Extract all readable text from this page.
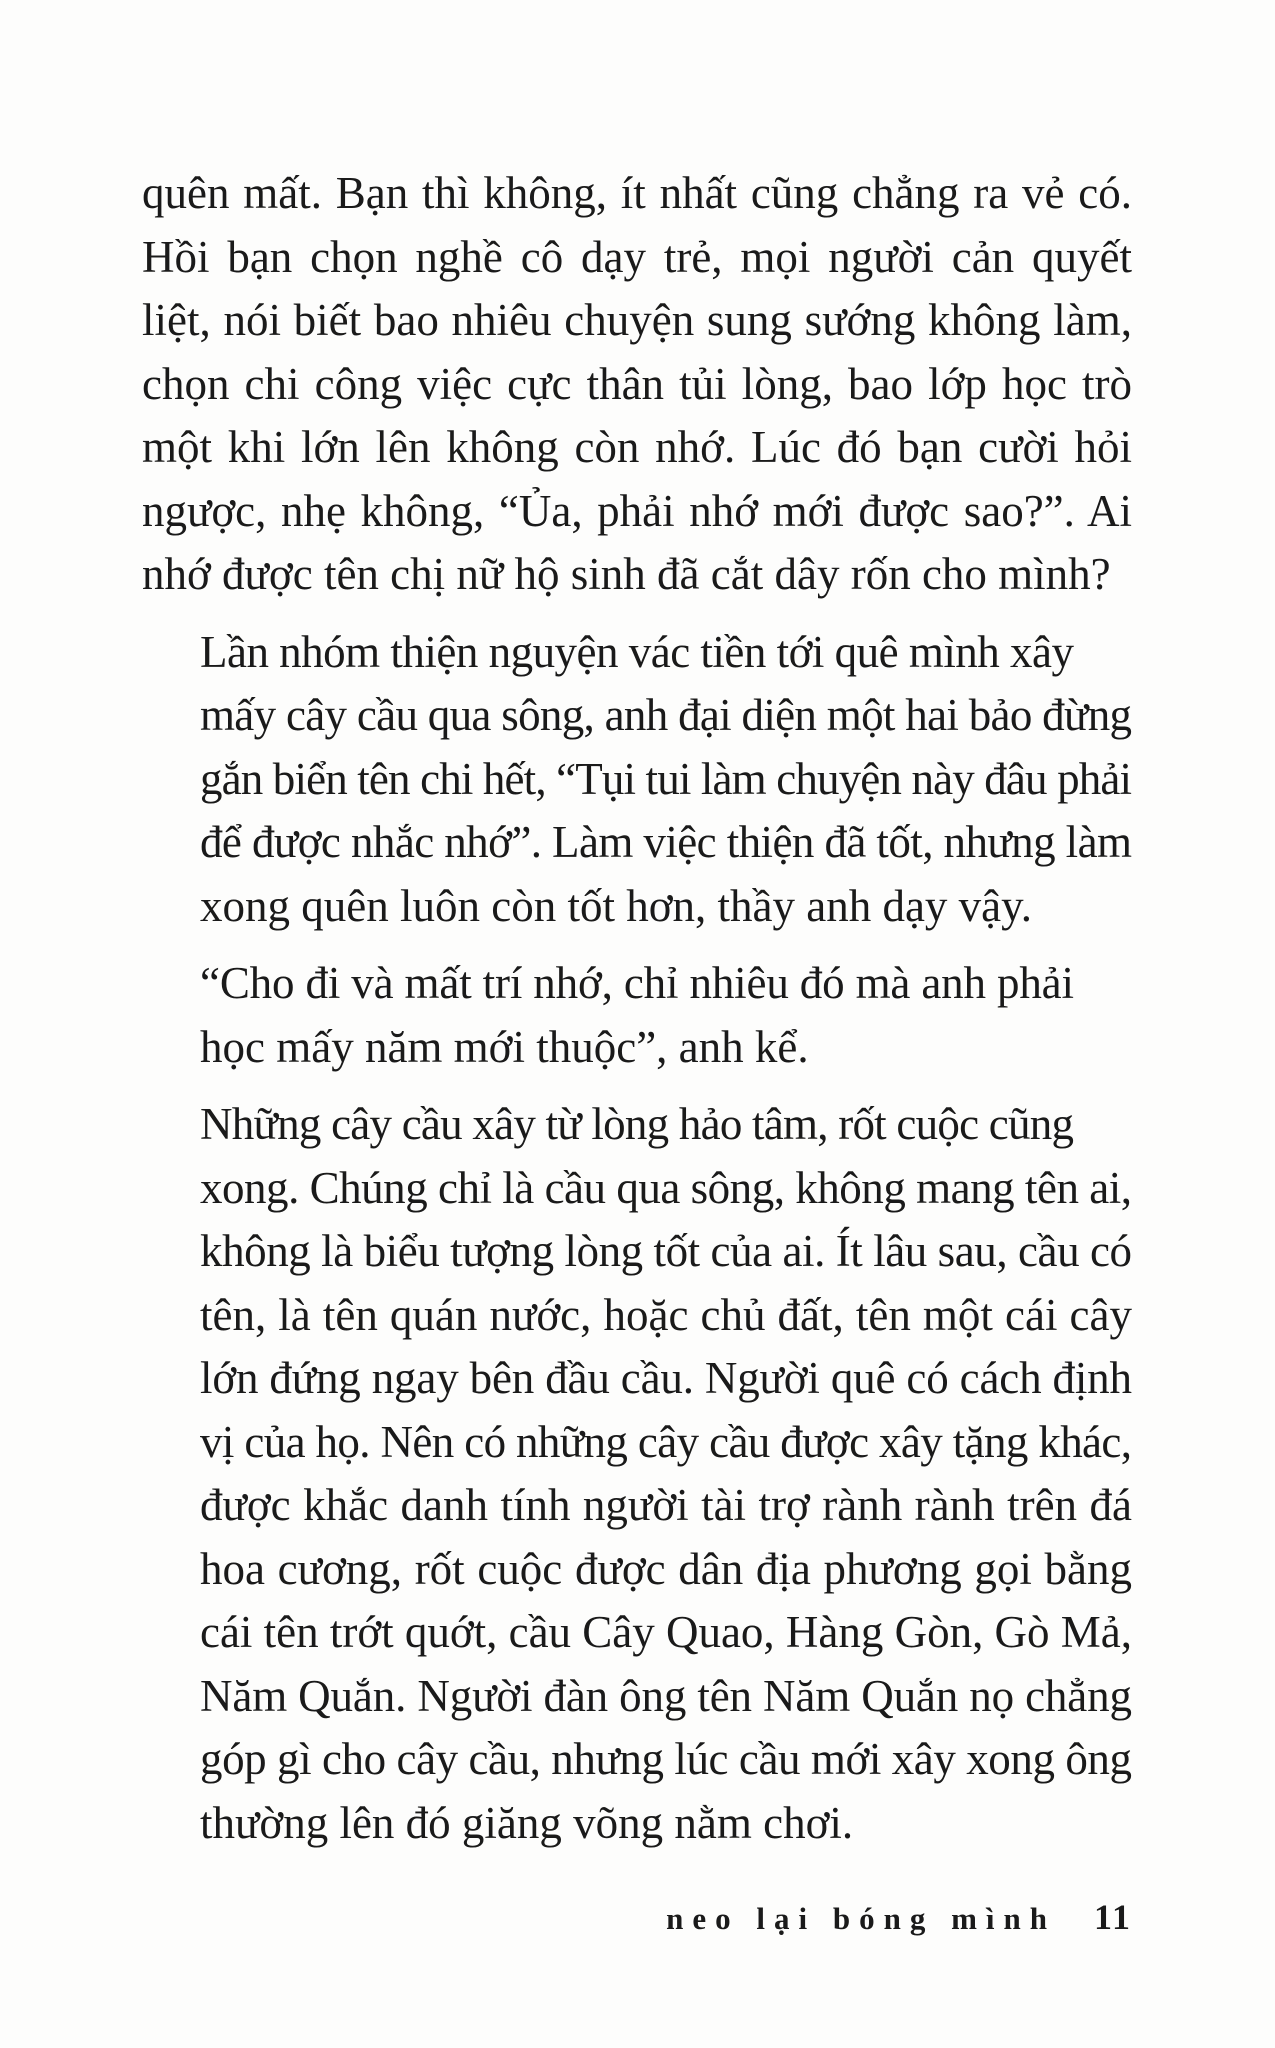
quên mất. Bạn thì không, ít nhất cũng chẳng ra vẻ có.
Hồi bạn chọn nghề cô dạy trẻ, mọi người cản quyết
liệt, nói biết bao nhiêu chuyện sung sướng không làm,
chọn chi công việc cực thân tủi lòng, bao lớp học trò
một khi lớn lên không còn nhớ. Lúc đó bạn cười hỏi
ngược, nhẹ không, “Ủa, phải nhớ mới được sao?”. Ai
nhớ được tên chị nữ hộ sinh đã cắt dây rốn cho mình?

Lần nhóm thiện nguyện vác tiền tới quê mình xây
mấy cây cầu qua sông, anh đại diện một hai bảo đừng
gắn biển tên chi hết, “Tụi tui làm chuyện này đâu phải
để được nhắc nhớ”. Làm việc thiện đã tốt, nhưng làm
xong quên luôn còn tốt hơn, thầy anh dạy vậy.

“Cho đi và mất trí nhớ, chỉ nhiêu đó mà anh phải
học mấy năm mới thuộc”, anh kể.

Những cây cầu xây từ lòng hảo tâm, rốt cuộc cũng
xong. Chúng chỉ là cầu qua sông, không mang tên ai,
không là biểu tượng lòng tốt của ai. Ít lâu sau, cầu có
tên, là tên quán nước, hoặc chủ đất, tên một cái cây
lớn đứng ngay bên đầu cầu. Người quê có cách định
vị của họ. Nên có những cây cầu được xây tặng khác,
được khắc danh tính người tài trợ rành rành trên đá
hoa cương, rốt cuộc được dân địa phương gọi bằng
cái tên trớt quớt, cầu Cây Quao, Hàng Gòn, Gò Mả,
Năm Quắn. Người đàn ông tên Năm Quắn nọ chẳng
góp gì cho cây cầu, nhưng lúc cầu mới xây xong ông
thường lên đó giăng võng nằm chơi.

neo lại bóng mình 11
